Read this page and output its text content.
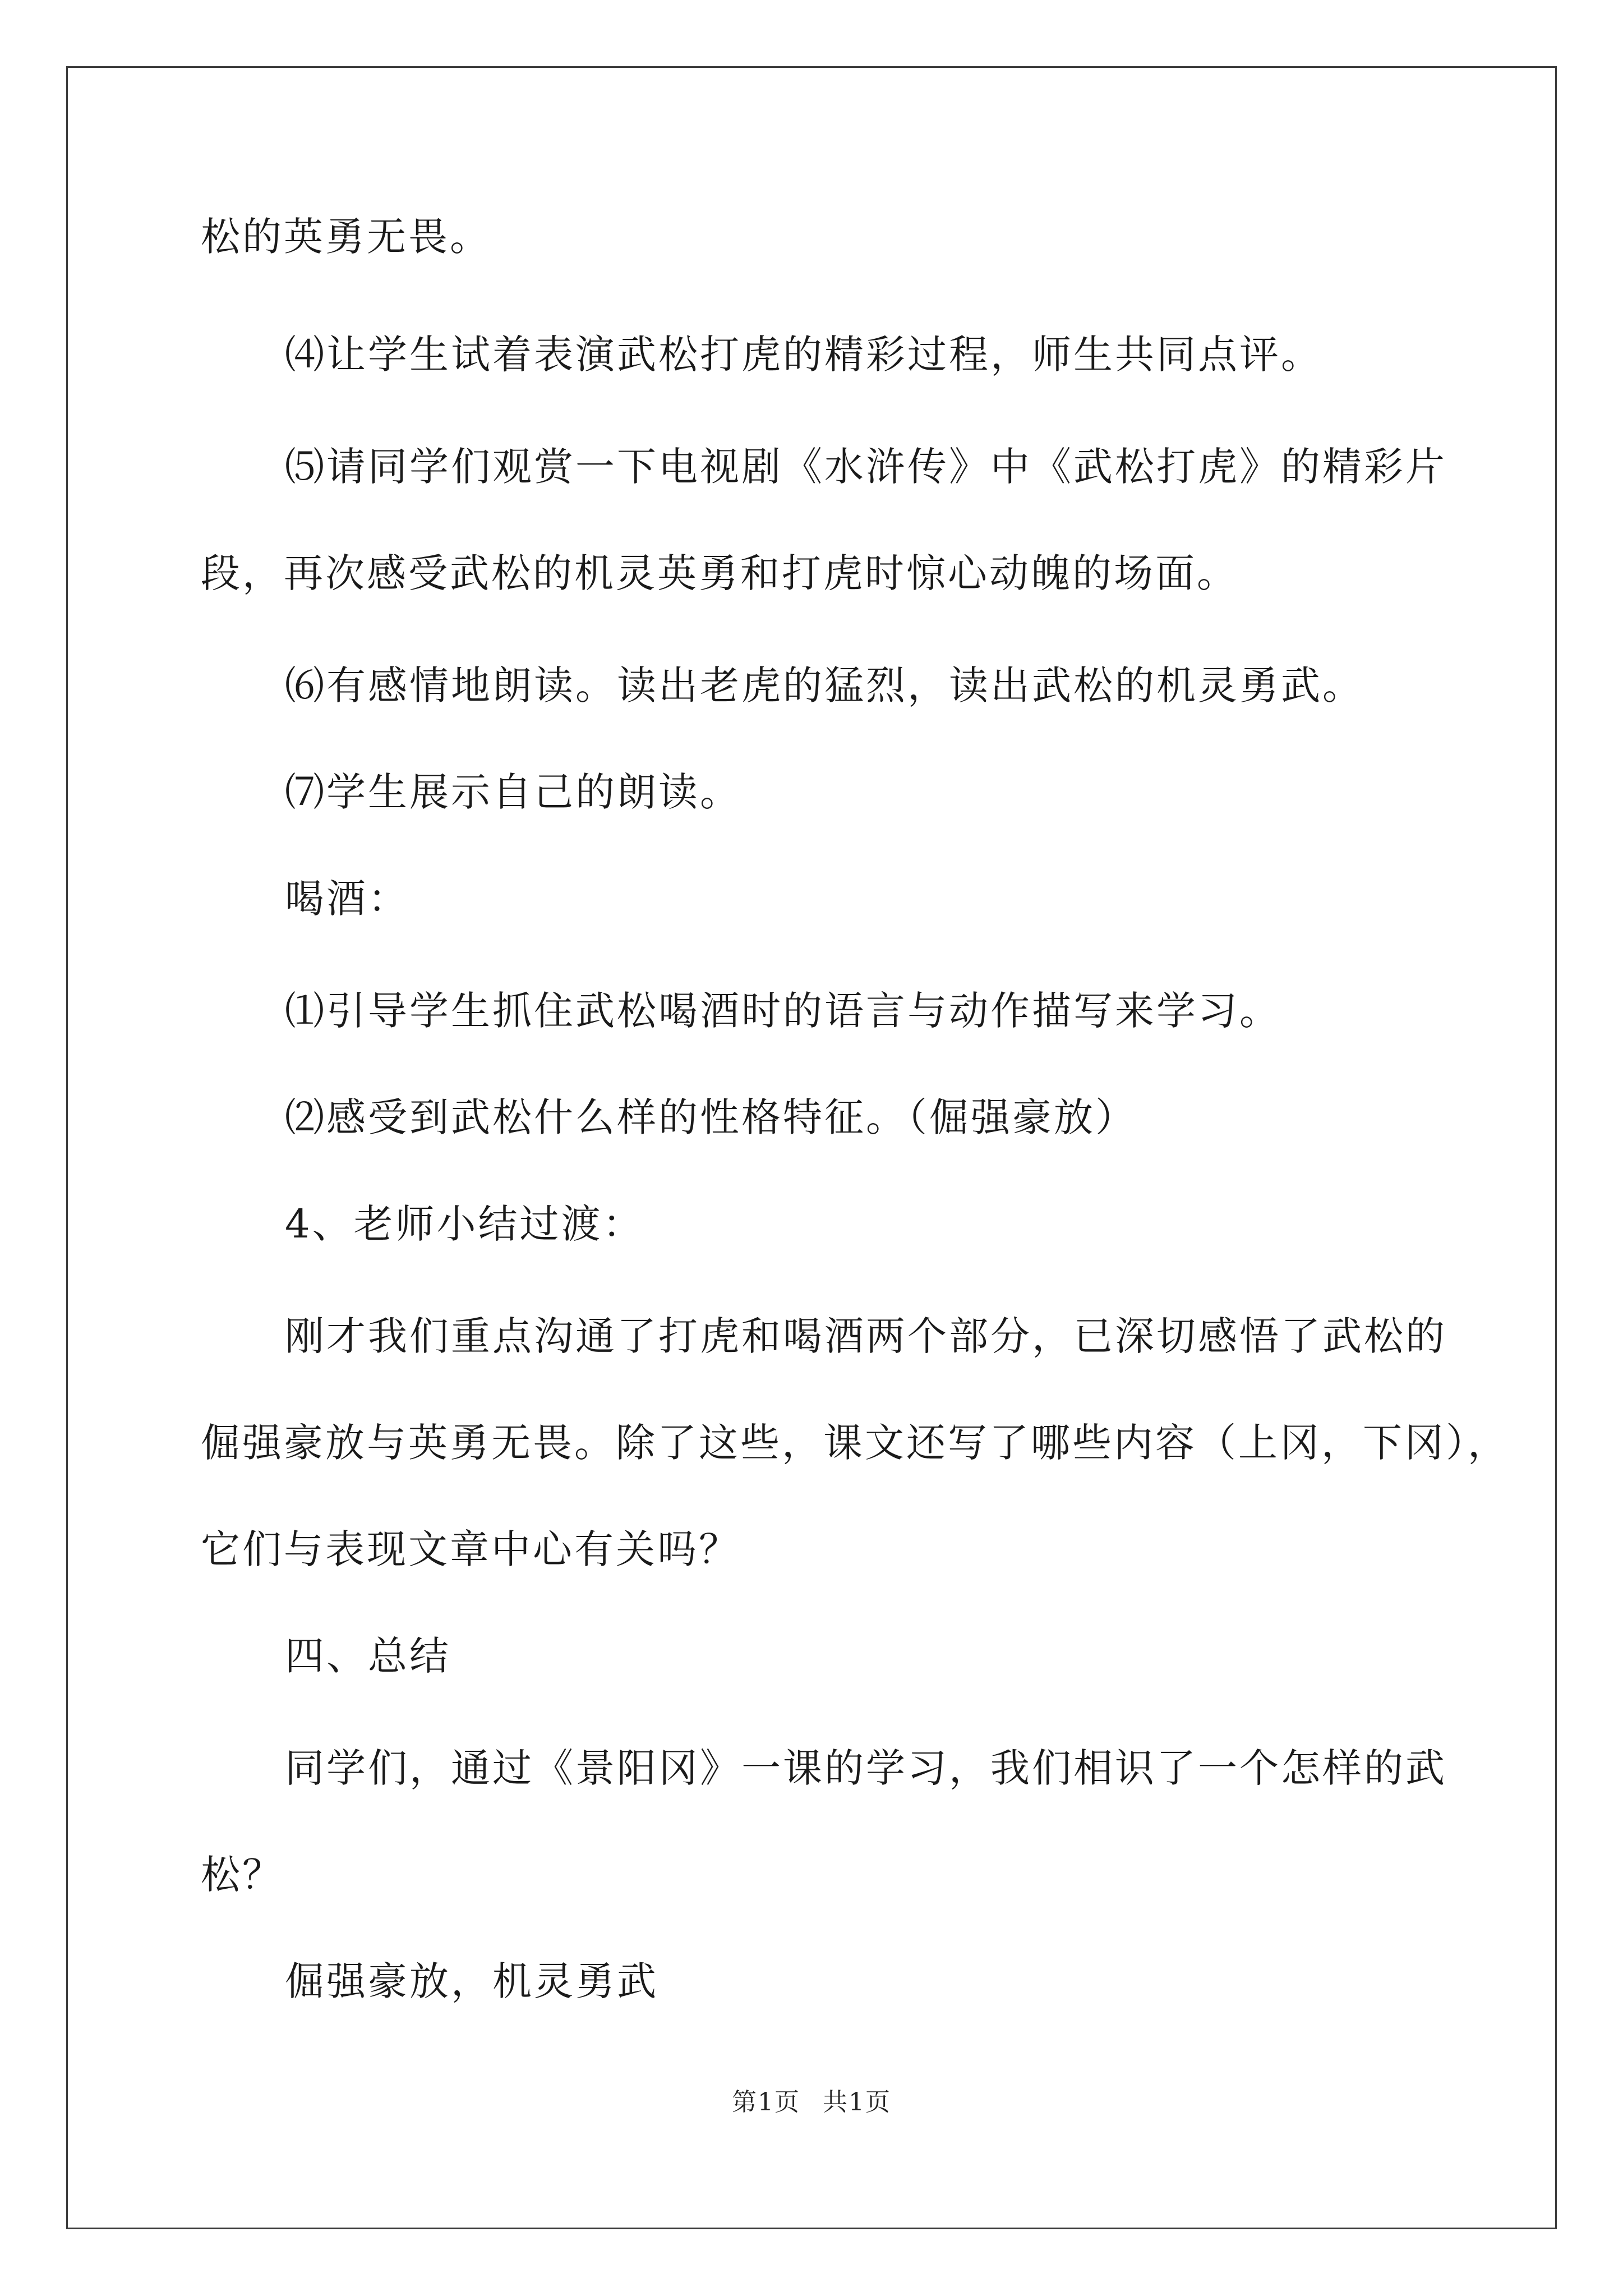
松的英勇无畏。
⑷让学生试着表演武松打虎的精彩过程，师生共同点评。
⑸请同学们观赏一下电视剧《水浒传》中《武松打虎》的精彩片
段，再次感受武松的机灵英勇和打虎时惊心动魄的场面。
⑹有感情地朗读。读出老虎的猛烈，读出武松的机灵勇武。
⑺学生展示自己的朗读。
喝酒：
⑴引导学生抓住武松喝酒时的语言与动作描写来学习。
⑵感受到武松什么样的性格特征。（倔强豪放）
4、老师小结过渡：
刚才我们重点沟通了打虎和喝酒两个部分，已深切感悟了武松的
倔强豪放与英勇无畏。除了这些，课文还写了哪些内容（上冈，下冈），
它们与表现文章中心有关吗？
四、总结
同学们，通过《景阳冈》一课的学习，我们相识了一个怎样的武
松？
倔强豪放，机灵勇武
第1页 共1页
